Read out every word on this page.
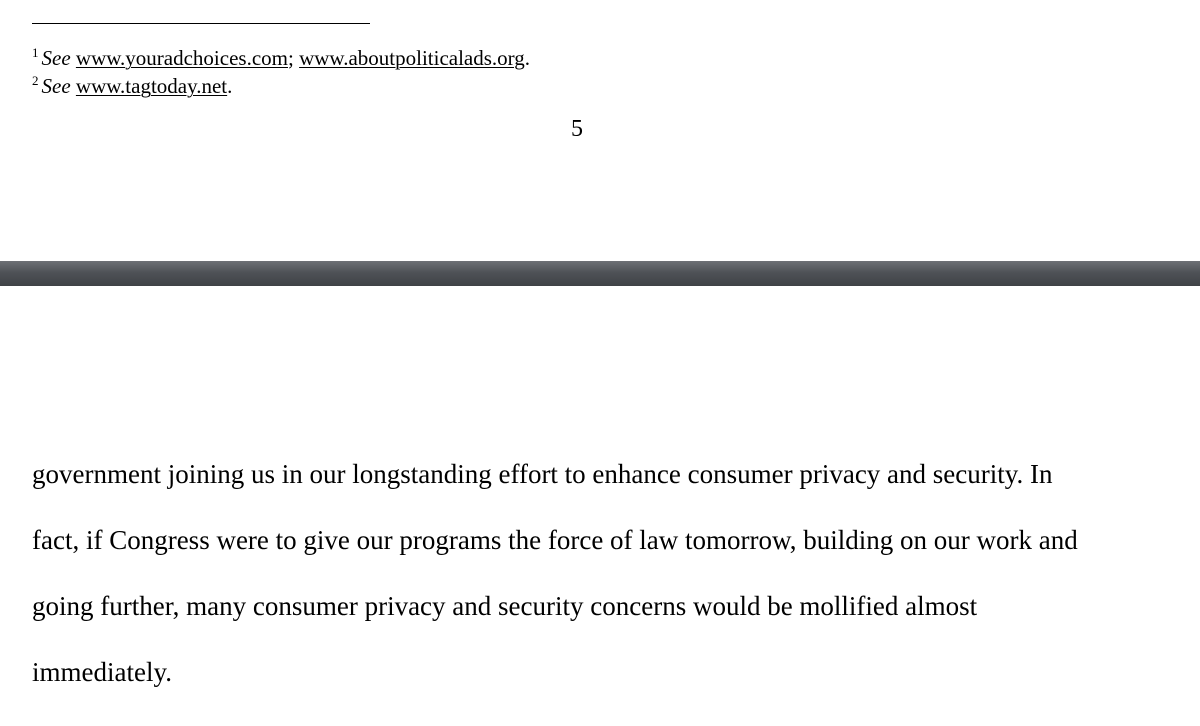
$^1$ See www.youradchoices.com; www.aboutpoliticalads.org.
$^2$ See www.tagtoday.net.
5
government joining us in our longstanding effort to enhance consumer privacy and security. In
fact, if Congress were to give our programs the force of law tomorrow, building on our work and
going further, many consumer privacy and security concerns would be mollified almost
immediately.
